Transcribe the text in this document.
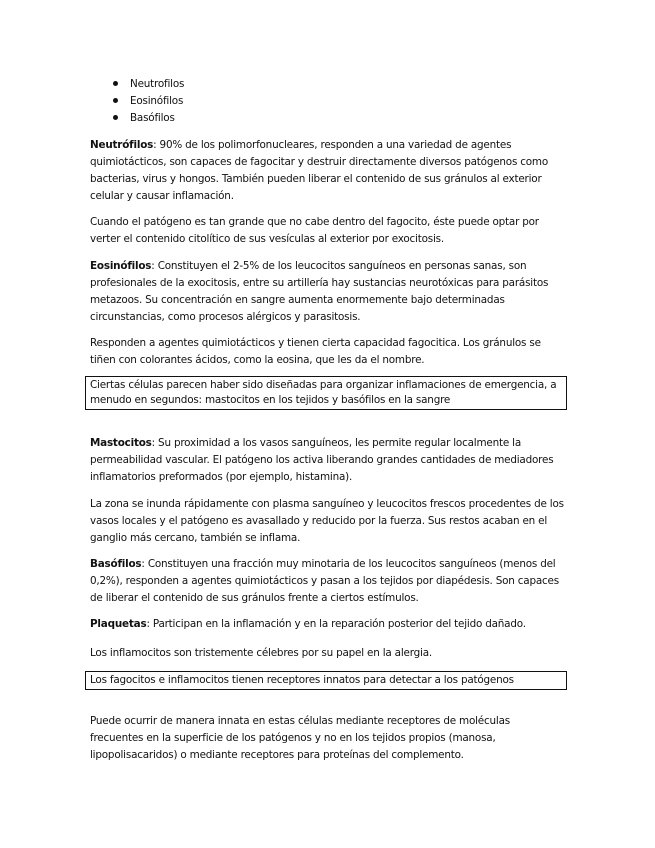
Neutrofilos
Eosinófilos
Basófilos

Neutrófilos: 90% de los polimorfonucleares, responden a una variedad de agentes quimiotácticos, son capaces de fagocitar y destruir directamente diversos patógenos como bacterias, virus y hongos. También pueden liberar el contenido de sus gránulos al exterior celular y causar inflamación.

Cuando el patógeno es tan grande que no cabe dentro del fagocito, éste puede optar por verter el contenido citolítico de sus vesículas al exterior por exocitosis.

Eosinófilos: Constituyen el 2-5% de los leucocitos sanguíneos en personas sanas, son profesionales de la exocitosis, entre su artillería hay sustancias neurotóxicas para parásitos metazoos. Su concentración en sangre aumenta enormemente bajo determinadas circunstancias, como procesos alérgicos y parasitosis.

Responden a agentes quimiotácticos y tienen cierta capacidad fagocitica. Los gránulos se tiñen con colorantes ácidos, como la eosina, que les da el nombre.

Ciertas células parecen haber sido diseñadas para organizar inflamaciones de emergencia, a menudo en segundos: mastocitos en los tejidos y basófilos en la sangre

Mastocitos: Su proximidad a los vasos sanguíneos, les permite regular localmente la permeabilidad vascular. El patógeno los activa liberando grandes cantidades de mediadores inflamatorios preformados (por ejemplo, histamina).

La zona se inunda rápidamente con plasma sanguíneo y leucocitos frescos procedentes de los vasos locales y el patógeno es avasallado y reducido por la fuerza. Sus restos acaban en el ganglio más cercano, también se inflama.

Basófilos: Constituyen una fracción muy minotaria de los leucocitos sanguíneos (menos del 0,2%), responden a agentes quimiotácticos y pasan a los tejidos por diapédesis. Son capaces de liberar el contenido de sus gránulos frente a ciertos estímulos.

Plaquetas: Participan en la inflamación y en la reparación posterior del tejido dañado.

Los inflamocitos son tristemente célebres por su papel en la alergia.

Los fagocitos e inflamocitos tienen receptores innatos para detectar a los patógenos

Puede ocurrir de manera innata en estas células mediante receptores de moléculas frecuentes en la superficie de los patógenos y no en los tejidos propios (manosa, lipopolisacaridos) o mediante receptores para proteínas del complemento.
